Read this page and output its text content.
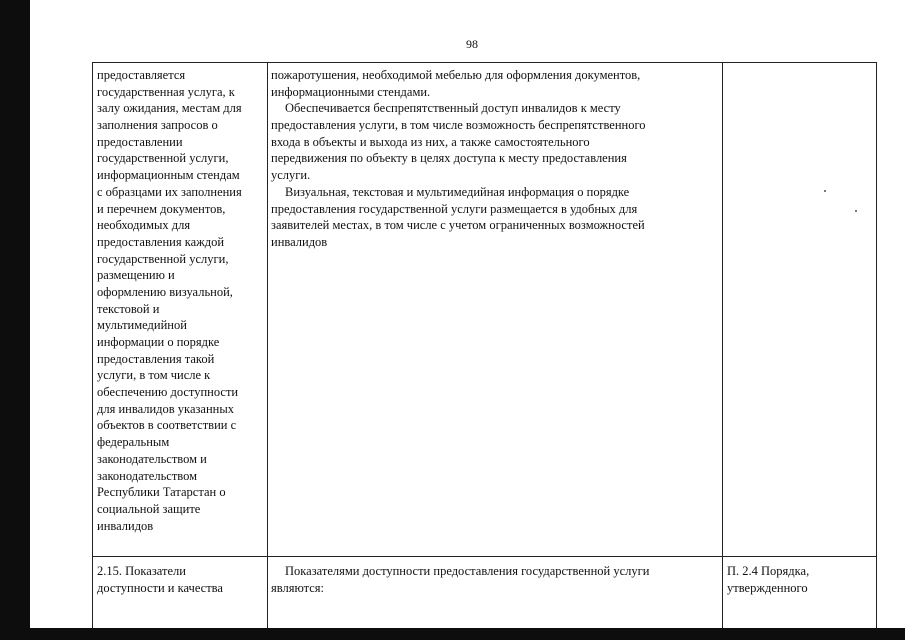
98
предоставляется
государственная услуга, к
залу ожидания, местам для
заполнения запросов о
предоставлении
государственной услуги,
информационным стендам
с образцами их заполнения
и перечнем документов,
необходимых для
предоставления каждой
государственной услуги,
размещению и
оформлению визуальной,
текстовой и
мультимедийной
информации о порядке
предоставления такой
услуги, в том числе к
обеспечению доступности
для инвалидов указанных
объектов в соответствии с
федеральным
законодательством и
законодательством
Республики Татарстан о
социальной защите
инвалидов
пожаротушения, необходимой мебелью для оформления документов,
информационными стендами.
Обеспечивается беспрепятственный доступ инвалидов к месту
предоставления услуги, в том числе возможность беспрепятственного
входа в объекты и выхода из них, а также самостоятельного
передвижения по объекту в целях доступа к месту предоставления
услуги.
Визуальная, текстовая и мультимедийная информация о порядке
предоставления государственной услуги размещается в удобных для
заявителей местах, в том числе с учетом ограниченных возможностей
инвалидов
2.15. Показатели
доступности и качества
Показателями доступности предоставления государственной услуги
являются:
П. 2.4 Порядка,
утвержденного
